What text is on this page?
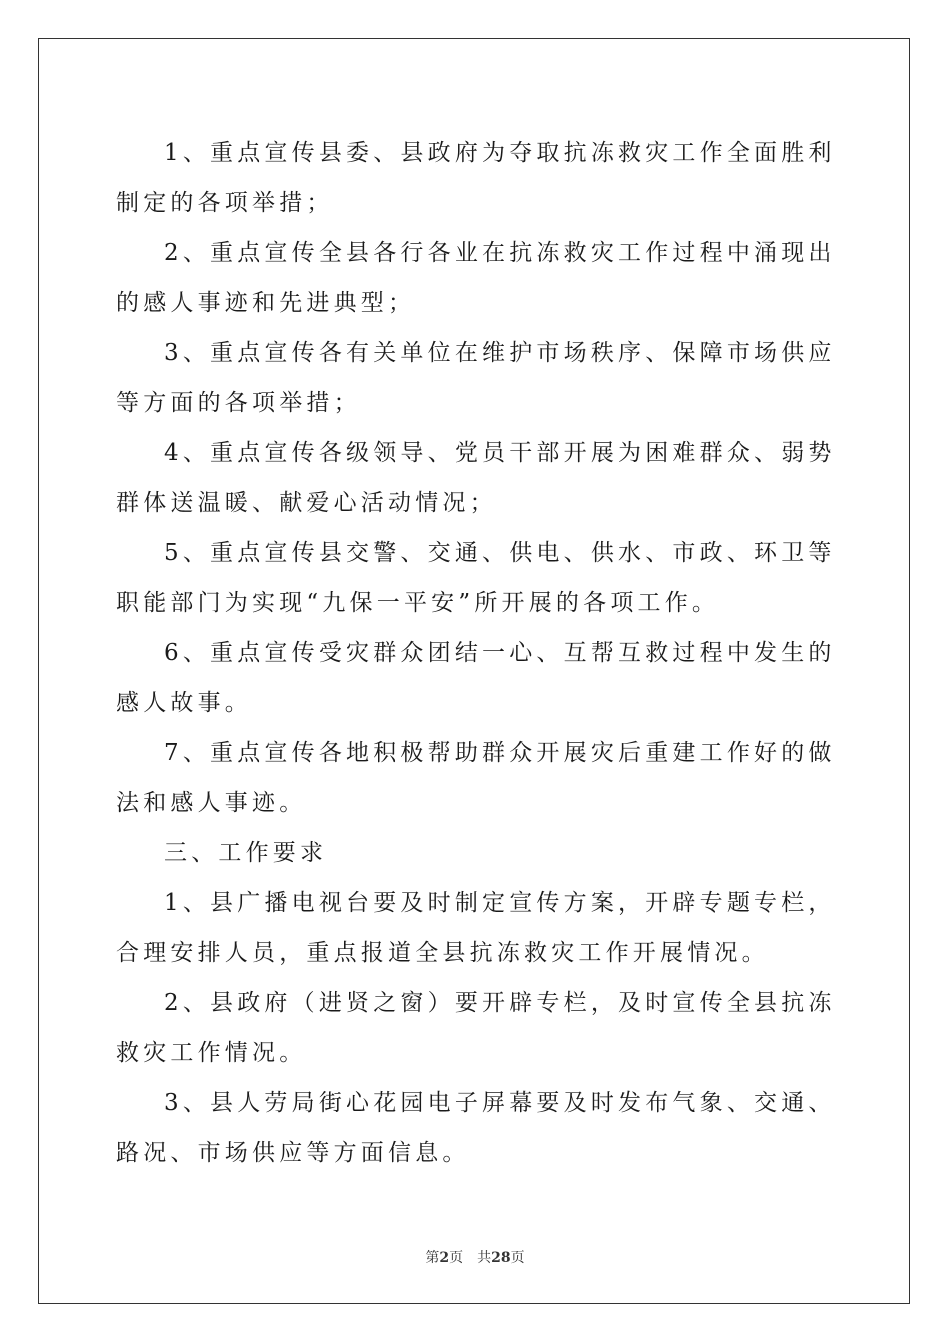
1、重点宣传县委、县政府为夺取抗冻救灾工作全面胜利制定的各项举措；

2、重点宣传全县各行各业在抗冻救灾工作过程中涌现出的感人事迹和先进典型；

3、重点宣传各有关单位在维护市场秩序、保障市场供应等方面的各项举措；

4、重点宣传各级领导、党员干部开展为困难群众、弱势群体送温暖、献爱心活动情况；

5、重点宣传县交警、交通、供电、供水、市政、环卫等职能部门为实现“九保一平安”所开展的各项工作。

6、重点宣传受灾群众团结一心、互帮互救过程中发生的感人故事。

7、重点宣传各地积极帮助群众开展灾后重建工作好的做法和感人事迹。

三、工作要求

1、县广播电视台要及时制定宣传方案，开辟专题专栏，合理安排人员，重点报道全县抗冻救灾工作开展情况。

2、县政府（进贤之窗）要开辟专栏，及时宣传全县抗冻救灾工作情况。

3、县人劳局街心花园电子屏幕要及时发布气象、交通、路况、市场供应等方面信息。

第2页 共28页
